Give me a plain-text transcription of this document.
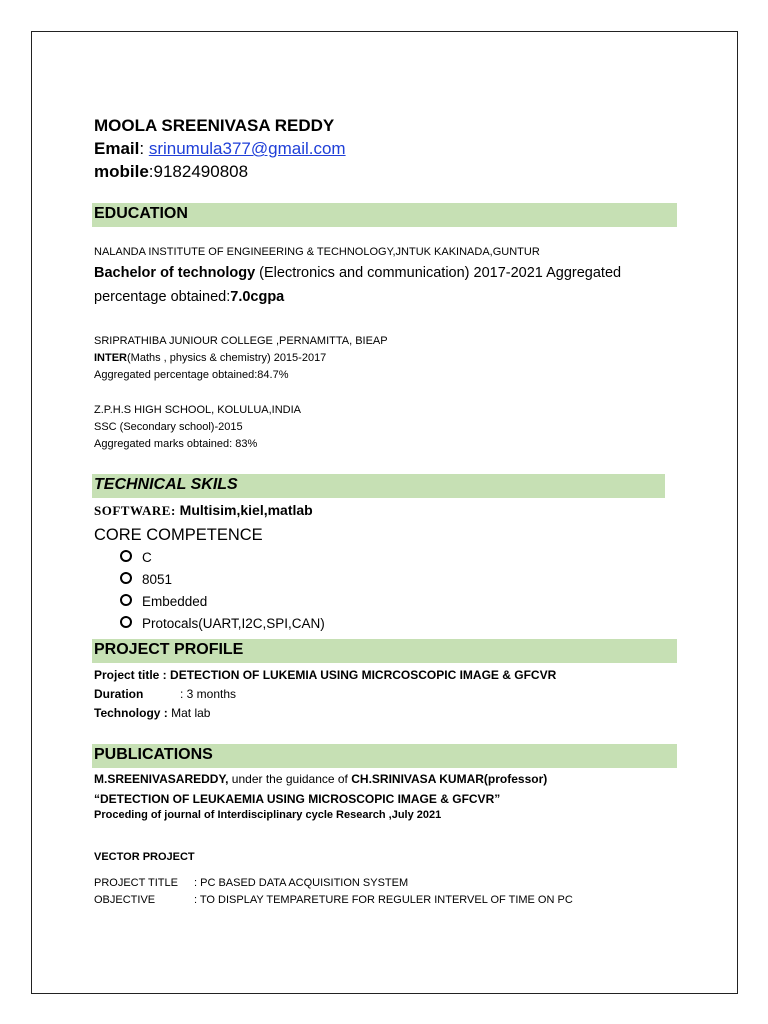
MOOLA SREENIVASA REDDY
Email: srinumula377@gmail.com
mobile:9182490808
EDUCATION
NALANDA INSTITUTE OF ENGINEERING & TECHNOLOGY,JNTUK KAKINADA,GUNTUR
Bachelor of technology (Electronics and communication) 2017-2021 Aggregated
percentage obtained:7.0cgpa
SRIPRATHIBA JUNIOUR COLLEGE ,PERNAMITTA, BIEAP
INTER(Maths , physics & chemistry) 2015-2017
Aggregated percentage obtained:84.7%
Z.P.H.S HIGH SCHOOL, KOLULUA,INDIA
SSC (Secondary school)-2015
Aggregated marks obtained: 83%
TECHNICAL SKILS
SOFTWARE: Multisim,kiel,matlab
CORE COMPETENCE
C
8051
Embedded
Protocals(UART,I2C,SPI,CAN)
PROJECT PROFILE
Project title : DETECTION OF LUKEMIA USING MICRCOSCOPIC IMAGE & GFCVR
Duration	: 3 months
Technology : Mat lab
PUBLICATIONS
M.SREENIVASAREDDY, under the guidance of CH.SRINIVASA KUMAR(professor)
“DETECTION OF LEUKAEMIA USING MICROSCOPIC IMAGE & GFCVR”
Proceding of journal of Interdisciplinary cycle Research ,July 2021
VECTOR PROJECT
PROJECT TITLE : PC BASED DATA ACQUISITION SYSTEM
OBJECTIVE	: TO DISPLAY TEMPARETURE FOR REGULER INTERVEL OF TIME ON PC
